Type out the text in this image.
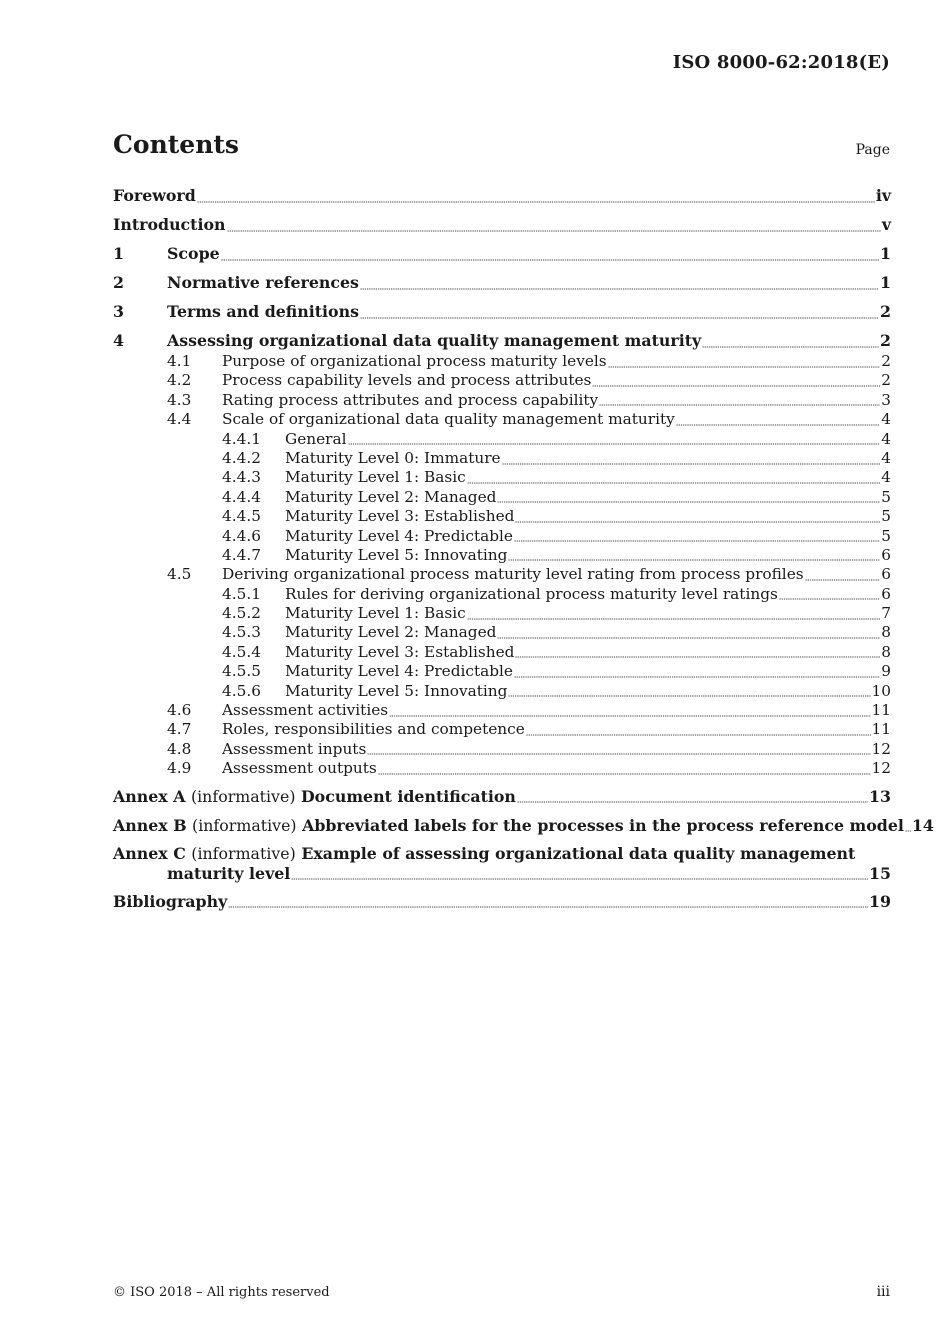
ISO 8000-62:2018(E)
Contents	Page
Foreword	iv
Introduction	v
1	Scope	1
2	Normative references	1
3	Terms and definitions	2
4	Assessing organizational data quality management maturity	2
4.1	Purpose of organizational process maturity levels	2
4.2	Process capability levels and process attributes	2
4.3	Rating process attributes and process capability	3
4.4	Scale of organizational data quality management maturity	4
4.4.1	General	4
4.4.2	Maturity Level 0: Immature	4
4.4.3	Maturity Level 1: Basic	4
4.4.4	Maturity Level 2: Managed	5
4.4.5	Maturity Level 3: Established	5
4.4.6	Maturity Level 4: Predictable	5
4.4.7	Maturity Level 5: Innovating	6
4.5	Deriving organizational process maturity level rating from process profiles	6
4.5.1	Rules for deriving organizational process maturity level ratings	6
4.5.2	Maturity Level 1: Basic	7
4.5.3	Maturity Level 2: Managed	8
4.5.4	Maturity Level 3: Established	8
4.5.5	Maturity Level 4: Predictable	9
4.5.6	Maturity Level 5: Innovating	10
4.6	Assessment activities	11
4.7	Roles, responsibilities and competence	11
4.8	Assessment inputs	12
4.9	Assessment outputs	12
Annex A (informative) Document identification	13
Annex B (informative) Abbreviated labels for the processes in the process reference model 14
Annex C (informative) Example of assessing organizational data quality management
maturity level	15
Bibliography	19
© ISO 2018 – All rights reserved	iii
